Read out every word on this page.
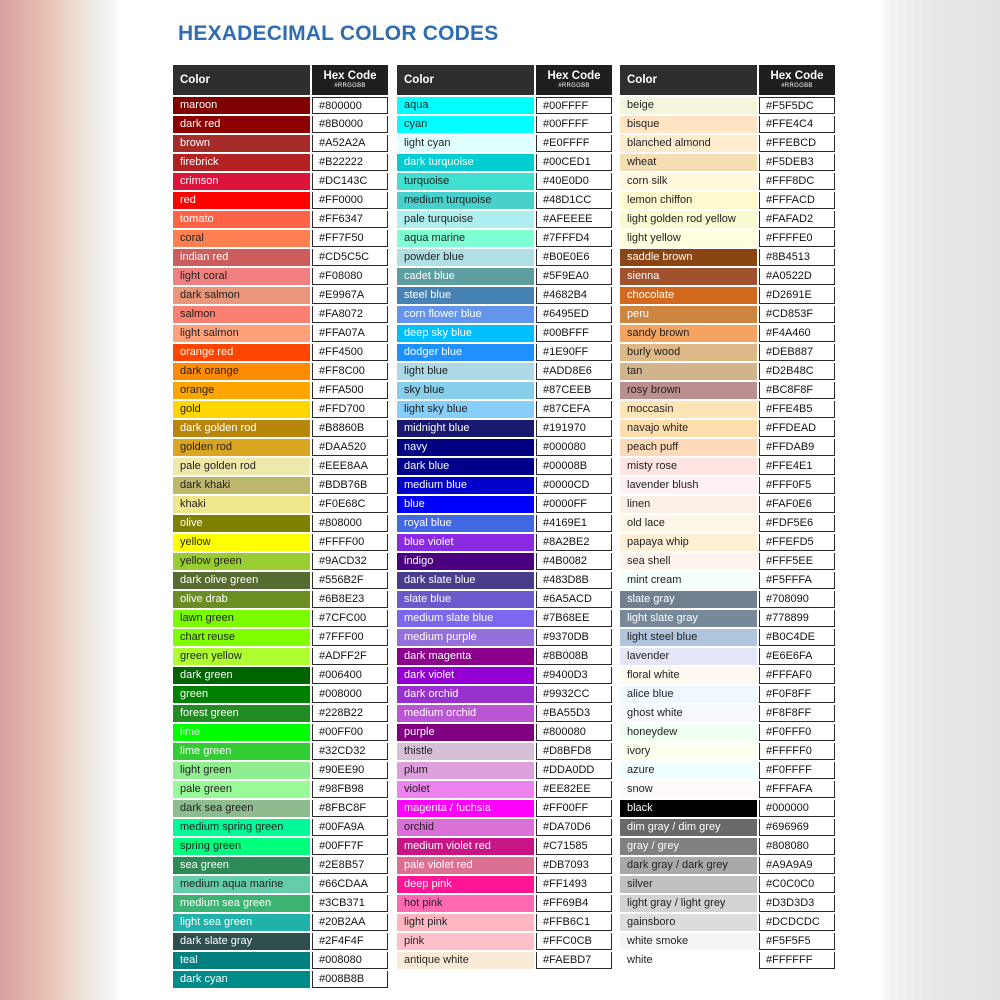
HEXADECIMAL COLOR CODES
Color	Hex Code
#RRGGBB
maroon	#800000
dark red	#8B0000
brown	#A52A2A
firebrick	#B22222
crimson	#DC143C
red	#FF0000
tomato	#FF6347
coral	#FF7F50
indian red	#CD5C5C
light coral	#F08080
dark salmon	#E9967A
salmon	#FA8072
light salmon	#FFA07A
orange red	#FF4500
dark orange	#FF8C00
orange	#FFA500
gold	#FFD700
dark golden rod	#B8860B
golden rod	#DAA520
pale golden rod	#EEE8AA
dark khaki	#BDB76B
khaki	#F0E68C
olive	#808000
yellow	#FFFF00
yellow green	#9ACD32
dark olive green	#556B2F
olive drab	#6B8E23
lawn green	#7CFC00
chart reuse	#7FFF00
green yellow	#ADFF2F
dark green	#006400
green	#008000
forest green	#228B22
lime	#00FF00
lime green	#32CD32
light green	#90EE90
pale green	#98FB98
dark sea green	#8FBC8F
medium spring green	#00FA9A
spring green	#00FF7F
sea green	#2E8B57
medium aqua marine	#66CDAA
medium sea green	#3CB371
light sea green	#20B2AA
dark slate gray	#2F4F4F
teal	#008080
dark cyan	#008B8B
Color	Hex Code
#RRGGBB
aqua	#00FFFF
cyan	#00FFFF
light cyan	#E0FFFF
dark turquoise	#00CED1
turquoise	#40E0D0
medium turquoise	#48D1CC
pale turquoise	#AFEEEE
aqua marine	#7FFFD4
powder blue	#B0E0E6
cadet blue	#5F9EA0
steel blue	#4682B4
corn flower blue	#6495ED
deep sky blue	#00BFFF
dodger blue	#1E90FF
light blue	#ADD8E6
sky blue	#87CEEB
light sky blue	#87CEFA
midnight blue	#191970
navy	#000080
dark blue	#00008B
medium blue	#0000CD
blue	#0000FF
royal blue	#4169E1
blue violet	#8A2BE2
indigo	#4B0082
dark slate blue	#483D8B
slate blue	#6A5ACD
medium slate blue	#7B68EE
medium purple	#9370DB
dark magenta	#8B008B
dark violet	#9400D3
dark orchid	#9932CC
medium orchid	#BA55D3
purple	#800080
thistle	#D8BFD8
plum	#DDA0DD
violet	#EE82EE
magenta / fuchsia	#FF00FF
orchid	#DA70D6
medium violet red	#C71585
pale violet red	#DB7093
deep pink	#FF1493
hot pink	#FF69B4
light pink	#FFB6C1
pink	#FFC0CB
antique white	#FAEBD7
Color	Hex Code
#RRGGBB
beige	#F5F5DC
bisque	#FFE4C4
blanched almond	#FFEBCD
wheat	#F5DEB3
corn silk	#FFF8DC
lemon chiffon	#FFFACD
light golden rod yellow	#FAFAD2
light yellow	#FFFFE0
saddle brown	#8B4513
sienna	#A0522D
chocolate	#D2691E
peru	#CD853F
sandy brown	#F4A460
burly wood	#DEB887
tan	#D2B48C
rosy brown	#BC8F8F
moccasin	#FFE4B5
navajo white	#FFDEAD
peach puff	#FFDAB9
misty rose	#FFE4E1
lavender blush	#FFF0F5
linen	#FAF0E6
old lace	#FDF5E6
papaya whip	#FFEFD5
sea shell	#FFF5EE
mint cream	#F5FFFA
slate gray	#708090
light slate gray	#778899
light steel blue	#B0C4DE
lavender	#E6E6FA
floral white	#FFFAF0
alice blue	#F0F8FF
ghost white	#F8F8FF
honeydew	#F0FFF0
ivory	#FFFFF0
azure	#F0FFFF
snow	#FFFAFA
black	#000000
dim gray / dim grey	#696969
gray / grey	#808080
dark gray / dark grey	#A9A9A9
silver	#C0C0C0
light gray / light grey	#D3D3D3
gainsboro	#DCDCDC
white smoke	#F5F5F5
white	#FFFFFF
